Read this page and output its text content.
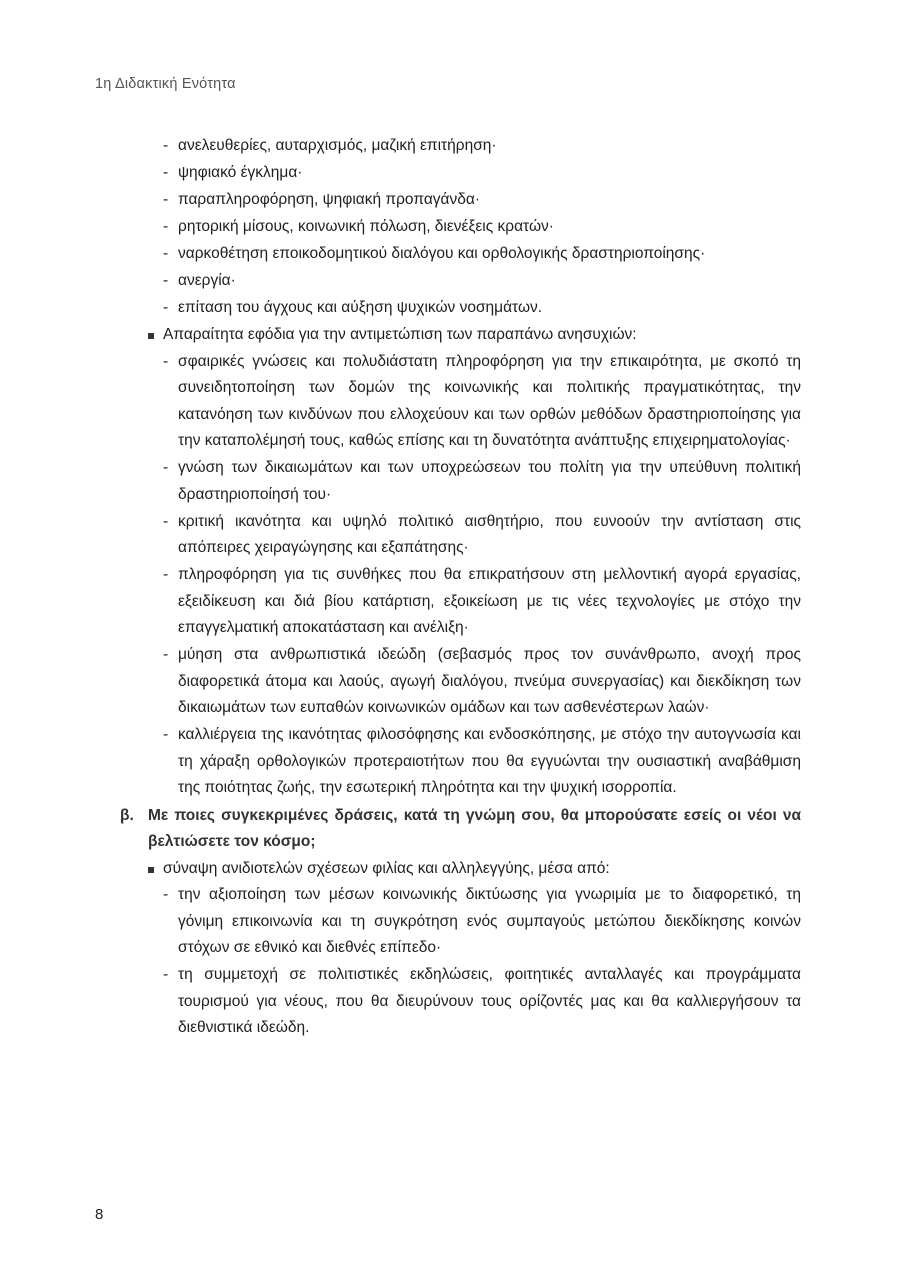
1η Διδακτική Ενότητα
- ανελευθερίες, αυταρχισμός, μαζική επιτήρηση·
- ψηφιακό έγκλημα·
- παραπληροφόρηση, ψηφιακή προπαγάνδα·
- ρητορική μίσους, κοινωνική πόλωση, διενέξεις κρατών·
- ναρκοθέτηση εποικοδομητικού διαλόγου και ορθολογικής δραστηριοποίησης·
- ανεργία·
- επίταση του άγχους και αύξηση ψυχικών νοσημάτων.
Απαραίτητα εφόδια για την αντιμετώπιση των παραπάνω ανησυχιών:
- σφαιρικές γνώσεις και πολυδιάστατη πληροφόρηση για την επικαιρότητα, με σκοπό τη συνειδητοποίηση των δομών της κοινωνικής και πολιτικής πραγματικότητας, την κατανόηση των κινδύνων που ελλοχεύουν και των ορθών μεθόδων δραστηριοποίησης για την καταπολέμησή τους, καθώς επίσης και τη δυνατότητα ανάπτυξης επιχειρηματολογίας·
- γνώση των δικαιωμάτων και των υποχρεώσεων του πολίτη για την υπεύθυνη πολιτική δραστηριοποίησή του·
- κριτική ικανότητα και υψηλό πολιτικό αισθητήριο, που ευνοούν την αντίσταση στις απόπειρες χειραγώγησης και εξαπάτησης·
- πληροφόρηση για τις συνθήκες που θα επικρατήσουν στη μελλοντική αγορά εργασίας, εξειδίκευση και διά βίου κατάρτιση, εξοικείωση με τις νέες τεχνολογίες με στόχο την επαγγελματική αποκατάσταση και ανέλιξη·
- μύηση στα ανθρωπιστικά ιδεώδη (σεβασμός προς τον συνάνθρωπο, ανοχή προς διαφορετικά άτομα και λαούς, αγωγή διαλόγου, πνεύμα συνεργασίας) και διεκδίκηση των δικαιωμάτων των ευπαθών κοινωνικών ομάδων και των ασθενέστερων λαών·
- καλλιέργεια της ικανότητας φιλοσόφησης και ενδοσκόπησης, με στόχο την αυτογνωσία και τη χάραξη ορθολογικών προτεραιοτήτων που θα εγγυώνται την ουσιαστική αναβάθμιση της ποιότητας ζωής, την εσωτερική πληρότητα και την ψυχική ισορροπία.
β. Με ποιες συγκεκριμένες δράσεις, κατά τη γνώμη σου, θα μπορούσατε εσείς οι νέοι να βελτιώσετε τον κόσμο;
σύναψη ανιδιοτελών σχέσεων φιλίας και αλληλεγγύης, μέσα από:
- την αξιοποίηση των μέσων κοινωνικής δικτύωσης για γνωριμία με το διαφορετικό, τη γόνιμη επικοινωνία και τη συγκρότηση ενός συμπαγούς μετώπου διεκδίκησης κοινών στόχων σε εθνικό και διεθνές επίπεδο·
- τη συμμετοχή σε πολιτιστικές εκδηλώσεις, φοιτητικές ανταλλαγές και προγράμματα τουρισμού για νέους, που θα διευρύνουν τους ορίζοντές μας και θα καλλιεργήσουν τα διεθνιστικά ιδεώδη.
8
